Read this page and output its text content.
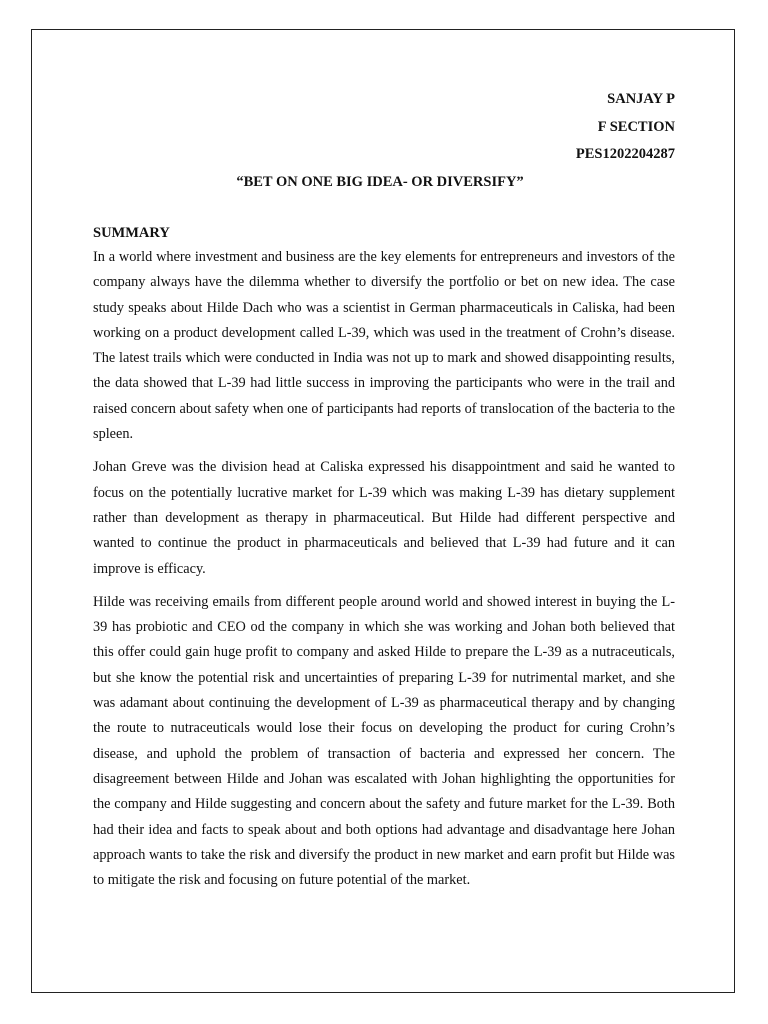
SANJAY P
F SECTION
PES1202204287
“BET ON ONE BIG IDEA- OR DIVERSIFY”
SUMMARY

In a world where investment and business are the key elements for entrepreneurs and investors of the company always have the dilemma whether to diversify the portfolio or bet on new idea. The case study speaks about Hilde Dach who was a scientist in German pharmaceuticals in Caliska, had been working on a product development called L-39, which was used in the treatment of Crohn’s disease. The latest trails which were conducted in India was not up to mark and showed disappointing results, the data showed that L-39 had little success in improving the participants who were in the trail and raised concern about safety when one of participants had reports of translocation of the bacteria to the spleen.

Johan Greve was the division head at Caliska expressed his disappointment and said he wanted to focus on the potentially lucrative market for L-39 which was making L-39 has dietary supplement rather than development as therapy in pharmaceutical. But Hilde had different perspective and wanted to continue the product in pharmaceuticals and believed that L-39 had future and it can improve is efficacy.

Hilde was receiving emails from different people around world and showed interest in buying the L-39 has probiotic and CEO od the company in which she was working and Johan both believed that this offer could gain huge profit to company and asked Hilde to prepare the L-39 as a nutraceuticals, but she know the potential risk and uncertainties of preparing L-39 for nutrimental market, and she was adamant about continuing the development of L-39 as pharmaceutical therapy and by changing the route to nutraceuticals would lose their focus on developing the product for curing Crohn’s disease, and uphold the problem of transaction of bacteria and expressed her concern. The disagreement between Hilde and Johan was escalated with Johan highlighting the opportunities for the company and Hilde suggesting and concern about the safety and future market for the L-39. Both had their idea and facts to speak about and both options had advantage and disadvantage here Johan approach wants to take the risk and diversify the product in new market and earn profit but Hilde was to mitigate the risk and focusing on future potential of the market.
